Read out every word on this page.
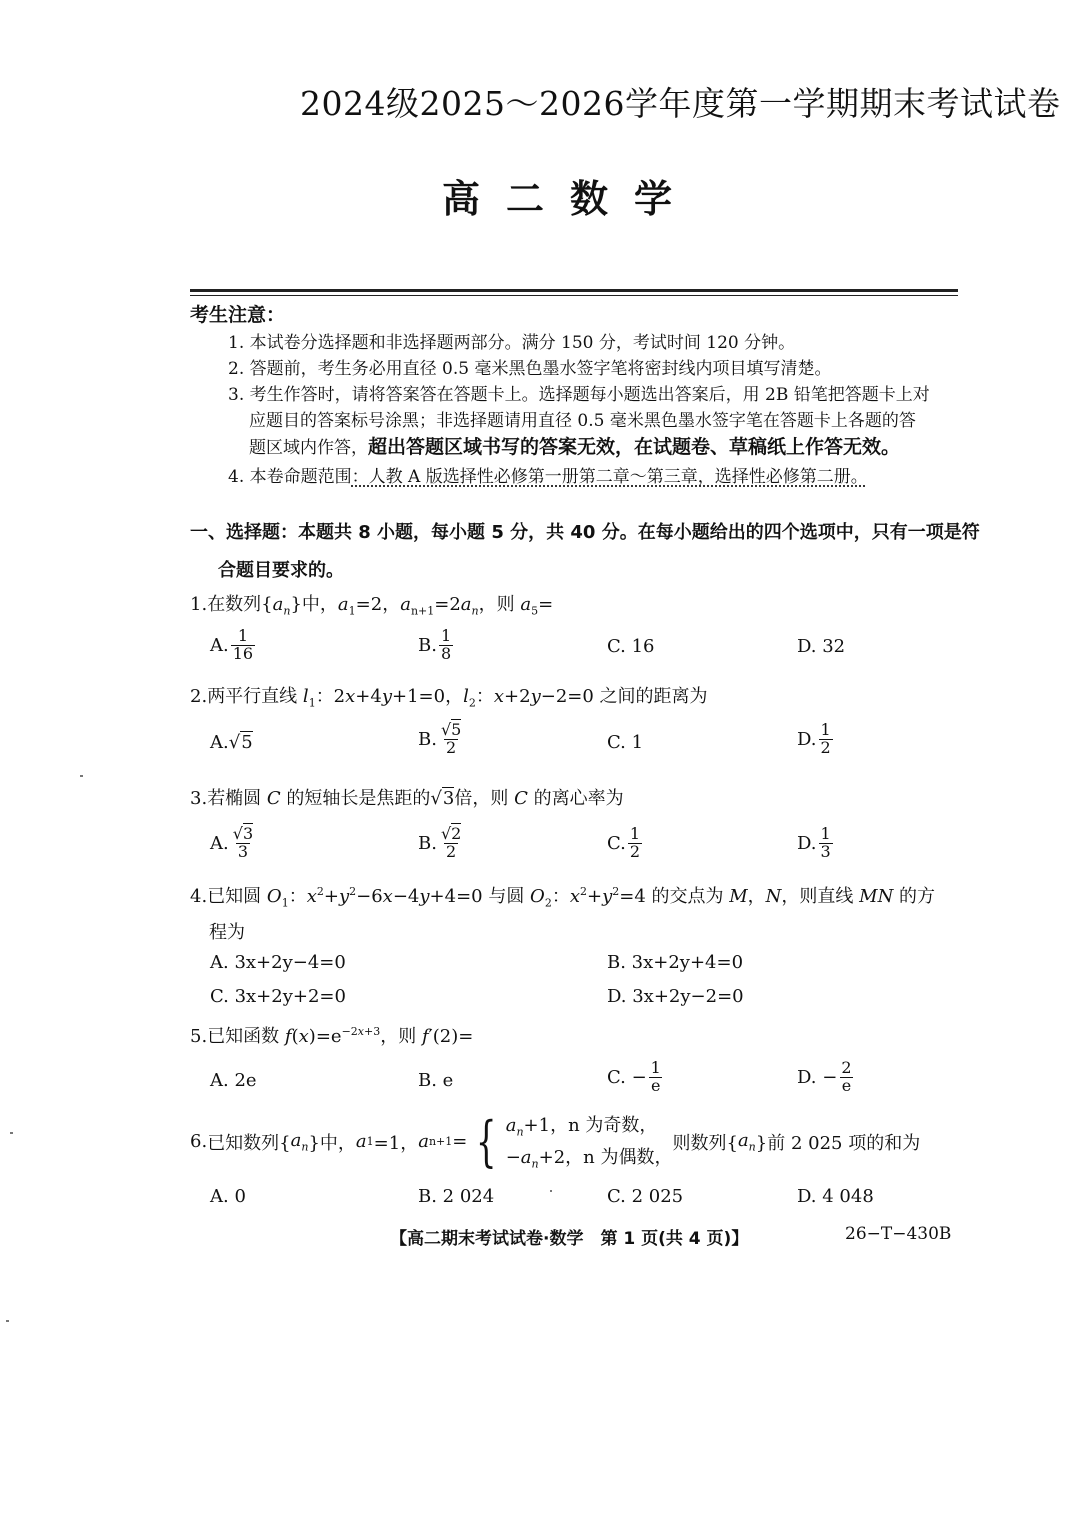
2024级2025～2026学年度第一学期期末考试试卷
高二数学
考生注意：
1. 本试卷分选择题和非选择题两部分。满分 150 分，考试时间 120 分钟。
2. 答题前，考生务必用直径 0.5 毫米黑色墨水签字笔将密封线内项目填写清楚。
3. 考生作答时，请将答案答在答题卡上。选择题每小题选出答案后，用 2B 铅笔把答题卡上对
应题目的答案标号涂黑；非选择题请用直径 0.5 毫米黑色墨水签字笔在答题卡上各题的答
题区域内作答，超出答题区域书写的答案无效，在试题卷、草稿纸上作答无效。
4. 本卷命题范围：人教 A 版选择性必修第一册第二章～第三章，选择性必修第二册。
一、选择题：本题共 8 小题，每小题 5 分，共 40 分。在每小题给出的四个选项中，只有一项是符
合题目要求的。
1.在数列$\{a_n\}$中，$a_1=2$，$a_{n+1}=2a_n$，则 $a_5=$
A. $\frac{1}{16}$	B. $\frac{1}{8}$	C. 16	D. 32
2.两平行直线 $l_1$：2x+4y+1=0，$l_2$：x+2y−2=0 之间的距离为
A. √5	B. $\frac{√5}{2}$	C. 1	D. $\frac{1}{2}$
3.若椭圆 C 的短轴长是焦距的√3倍，则 C 的离心率为
A. $\frac{√3}{3}$	B. $\frac{√2}{2}$	C. $\frac{1}{2}$	D. $\frac{1}{3}$
4.已知圆 $O_1$：$x^2+y^2-6x-4y+4=0$ 与圆 $O_2$：$x^2+y^2=4$ 的交点为 M，N，则直线 MN 的方
程为
A. 3x+2y−4=0	B. 3x+2y+4=0
C. 3x+2y+2=0	D. 3x+2y−2=0
5.已知函数 $f(x)=e^{-2x+3}$，则 f′(2)=
A. 2e	B. e	C. − $\frac{1}{e}$	D. − $\frac{2}{e}$
6. 已知数列{ $a_n$ }中， a 1 =1， a n+1 = { $a_n+1$，n 为奇数，
$-a_n+2$，n 为偶数，
则数列{ $a_n$ }前 2 025 项的和为
A. 0	B. 2 024	C. 2 025	D. 4 048
【高二期末考试试卷·数学　第 1 页(共 4 页)】	26−T−430B
